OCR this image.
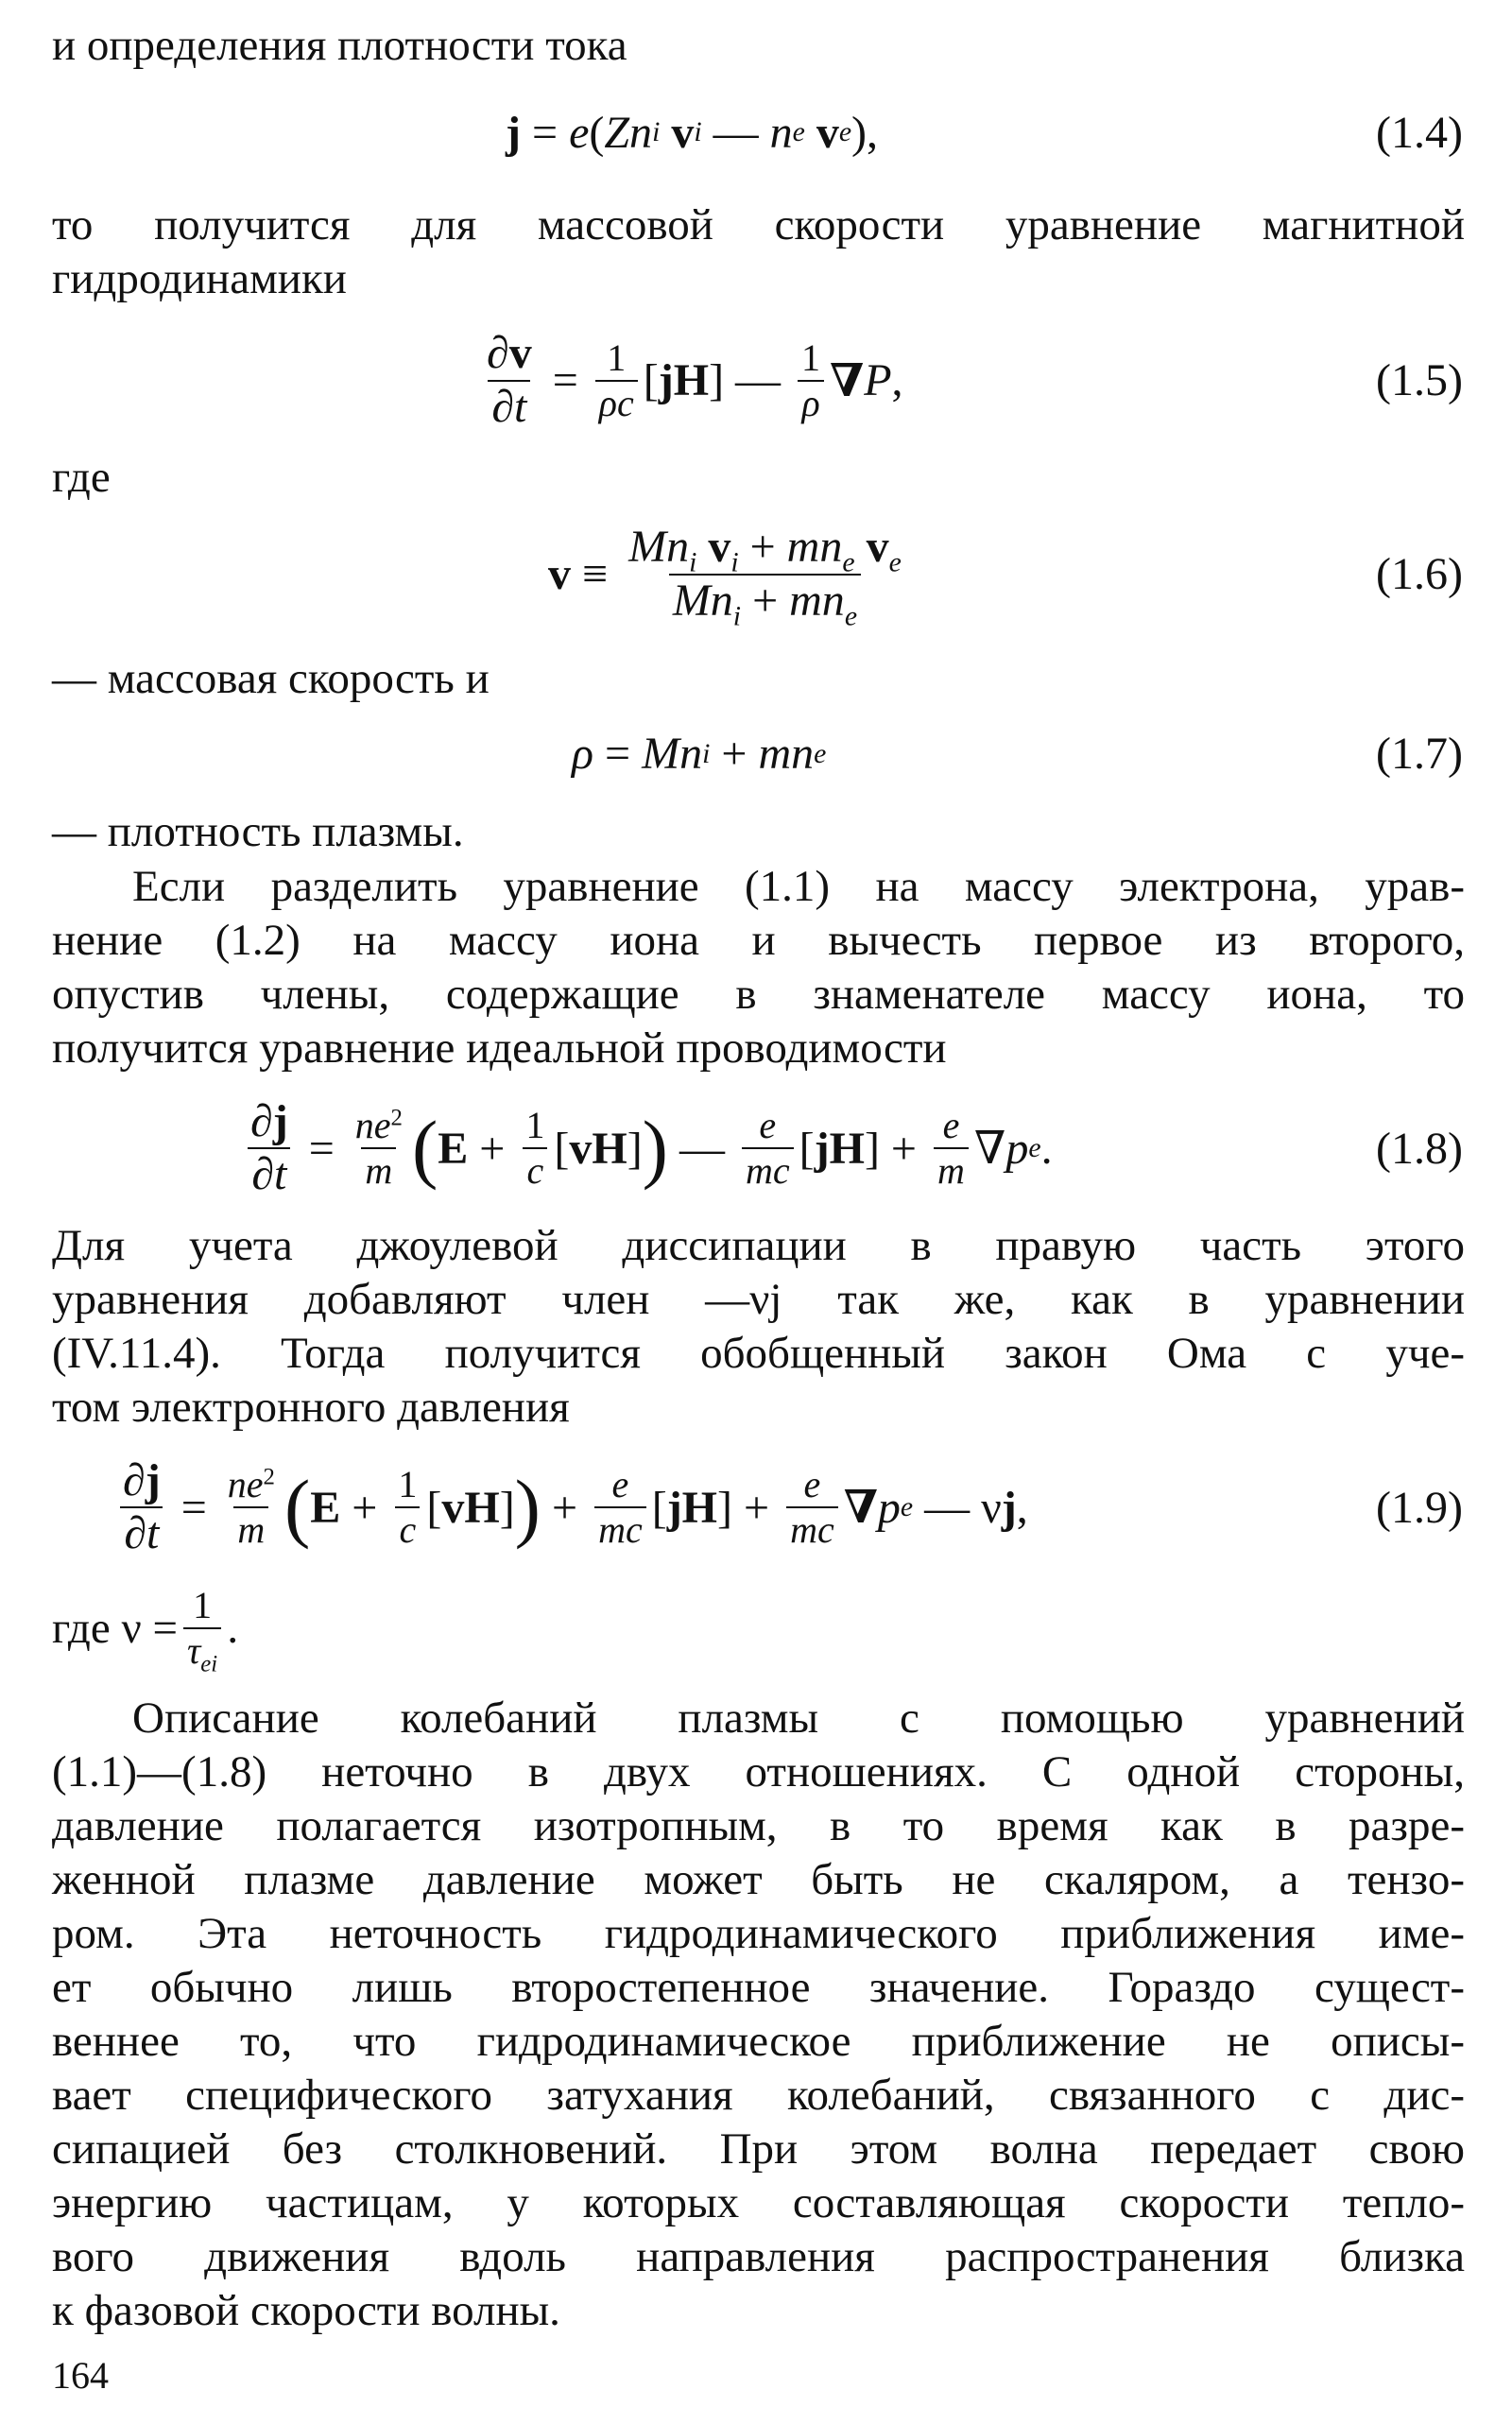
и определения плотности тока
j = e ( Zn i
v i — n e
v e ),	(1.4)
то получится для массовой скорости уравнение магнитной
гидродинамики
$\frac{\partial v}{\partial t} = \frac{1}{\rho c}$ [ jH ] — $\frac{1}{\rho}$ ∇ P ,	(1.5)
где
$v \equiv \frac{Mn_i v_i + mn_e v_e}{Mn_i + mn_e}$	(1.6)
— массовая скорость и
ρ = Mn i + mn e	(1.7)
— плотность плазмы.
Если разделить уравнение (1.1) на массу электрона, урав-
нение (1.2) на массу иона и вычесть первое из второго,
опустив члены, содержащие в знаменателе массу иона, то
получится уравнение идеальной проводимости
$\frac{\partial j}{\partial t} = \frac{ne^2}{m}$ ( $E + \frac{1}{c}$ [ vH ] ) — $\frac{e}{mc}$ [ jH ] + $\frac{e}{m}$ ∇ p e .	(1.8)
Для учета джоулевой диссипации в правую часть этого
уравнения добавляют член —νj так же, как в уравнении
(IV.11.4). Тогда получится обобщенный закон Ома с уче-
том электронного давления
$\frac{\partial j}{\partial t} = \frac{ne^2}{m}$ ( $E + \frac{1}{c}$ [ vH ] ) + $\frac{e}{mc}$ [ jH ] + $\frac{e}{mc}$ ∇ p e — ν j ,	(1.9)
где $\nu = \frac{1}{\tau_{ei}}$ .
Описание колебаний плазмы с помощью уравнений
(1.1)—(1.8) неточно в двух отношениях. С одной стороны,
давление полагается изотропным, в то время как в разре-
женной плазме давление может быть не скаляром, а тензо-
ром. Эта неточность гидродинамического приближения име-
ет обычно лишь второстепенное значение. Гораздо сущест-
веннее то, что гидродинамическое приближение не описы-
вает специфического затухания колебаний, связанного с дис-
сипацией без столкновений. При этом волна передает свою
энергию частицам, у которых составляющая скорости тепло-
вого движения вдоль направления распространения близка
к фазовой скорости волны.
164
